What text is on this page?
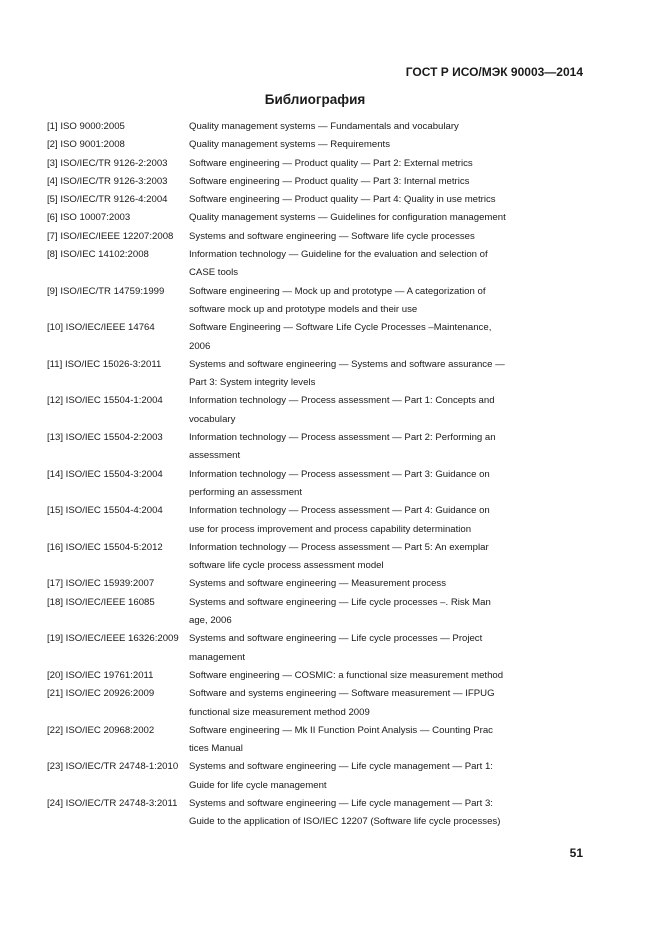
ГОСТ Р ИСО/МЭК 90003—2014
Библиография
[1] ISO 9000:2005	Quality management systems — Fundamentals and vocabulary
[2] ISO 9001:2008	Quality management systems — Requirements
[3] ISO/IEC/TR 9126-2:2003	Software engineering — Product quality — Part 2: External metrics
[4] ISO/IEC/TR 9126-3:2003	Software engineering — Product quality — Part 3: Internal metrics
[5] ISO/IEC/TR 9126-4:2004	Software engineering — Product quality — Part 4: Quality in use metrics
[6] ISO 10007:2003	Quality management systems — Guidelines for configuration management
[7] ISO/IEC/IEEE 12207:2008	Systems and software engineering — Software life cycle processes
[8] ISO/IEC 14102:2008	Information technology — Guideline for the evaluation and selection of
CASE tools
[9] ISO/IEC/TR 14759:1999	Software engineering — Mock up and prototype — A categorization of
software mock up and prototype models and their use
[10] ISO/IEC/IEEE 14764	Software Engineering — Software Life Cycle Processes –Maintenance,
2006
[11] ISO/IEC 15026-3:2011	Systems and software engineering — Systems and software assurance —
Part 3: System integrity levels
[12] ISO/IEC 15504-1:2004	Information technology — Process assessment — Part 1: Concepts and
vocabulary
[13] ISO/IEC 15504-2:2003	Information technology — Process assessment — Part 2: Performing an
assessment
[14] ISO/IEC 15504-3:2004	Information technology — Process assessment — Part 3: Guidance on
performing an assessment
[15] ISO/IEC 15504-4:2004	Information technology — Process assessment — Part 4: Guidance on
use for process improvement and process capability determination
[16] ISO/IEC 15504-5:2012	Information technology — Process assessment — Part 5: An exemplar
software life cycle process assessment model
[17] ISO/IEC 15939:2007	Systems and software engineering — Measurement process
[18] ISO/IEC/IEEE 16085	Systems and software engineering — Life cycle processes –. Risk Man
age, 2006
[19] ISO/IEC/IEEE 16326:2009	Systems and software engineering — Life cycle processes — Project
management
[20] ISO/IEC 19761:2011	Software engineering — COSMIC: a functional size measurement method
[21] ISO/IEC 20926:2009	Software and systems engineering — Software measurement — IFPUG
functional size measurement method 2009
[22] ISO/IEC 20968:2002	Software engineering — Mk II Function Point Analysis — Counting Prac
tices Manual
[23] ISO/IEC/TR 24748-1:2010	Systems and software engineering — Life cycle management — Part 1:
Guide for life cycle management
[24] ISO/IEC/TR 24748-3:2011	Systems and software engineering — Life cycle management — Part 3:
Guide to the application of ISO/IEC 12207 (Software life cycle processes)
51
